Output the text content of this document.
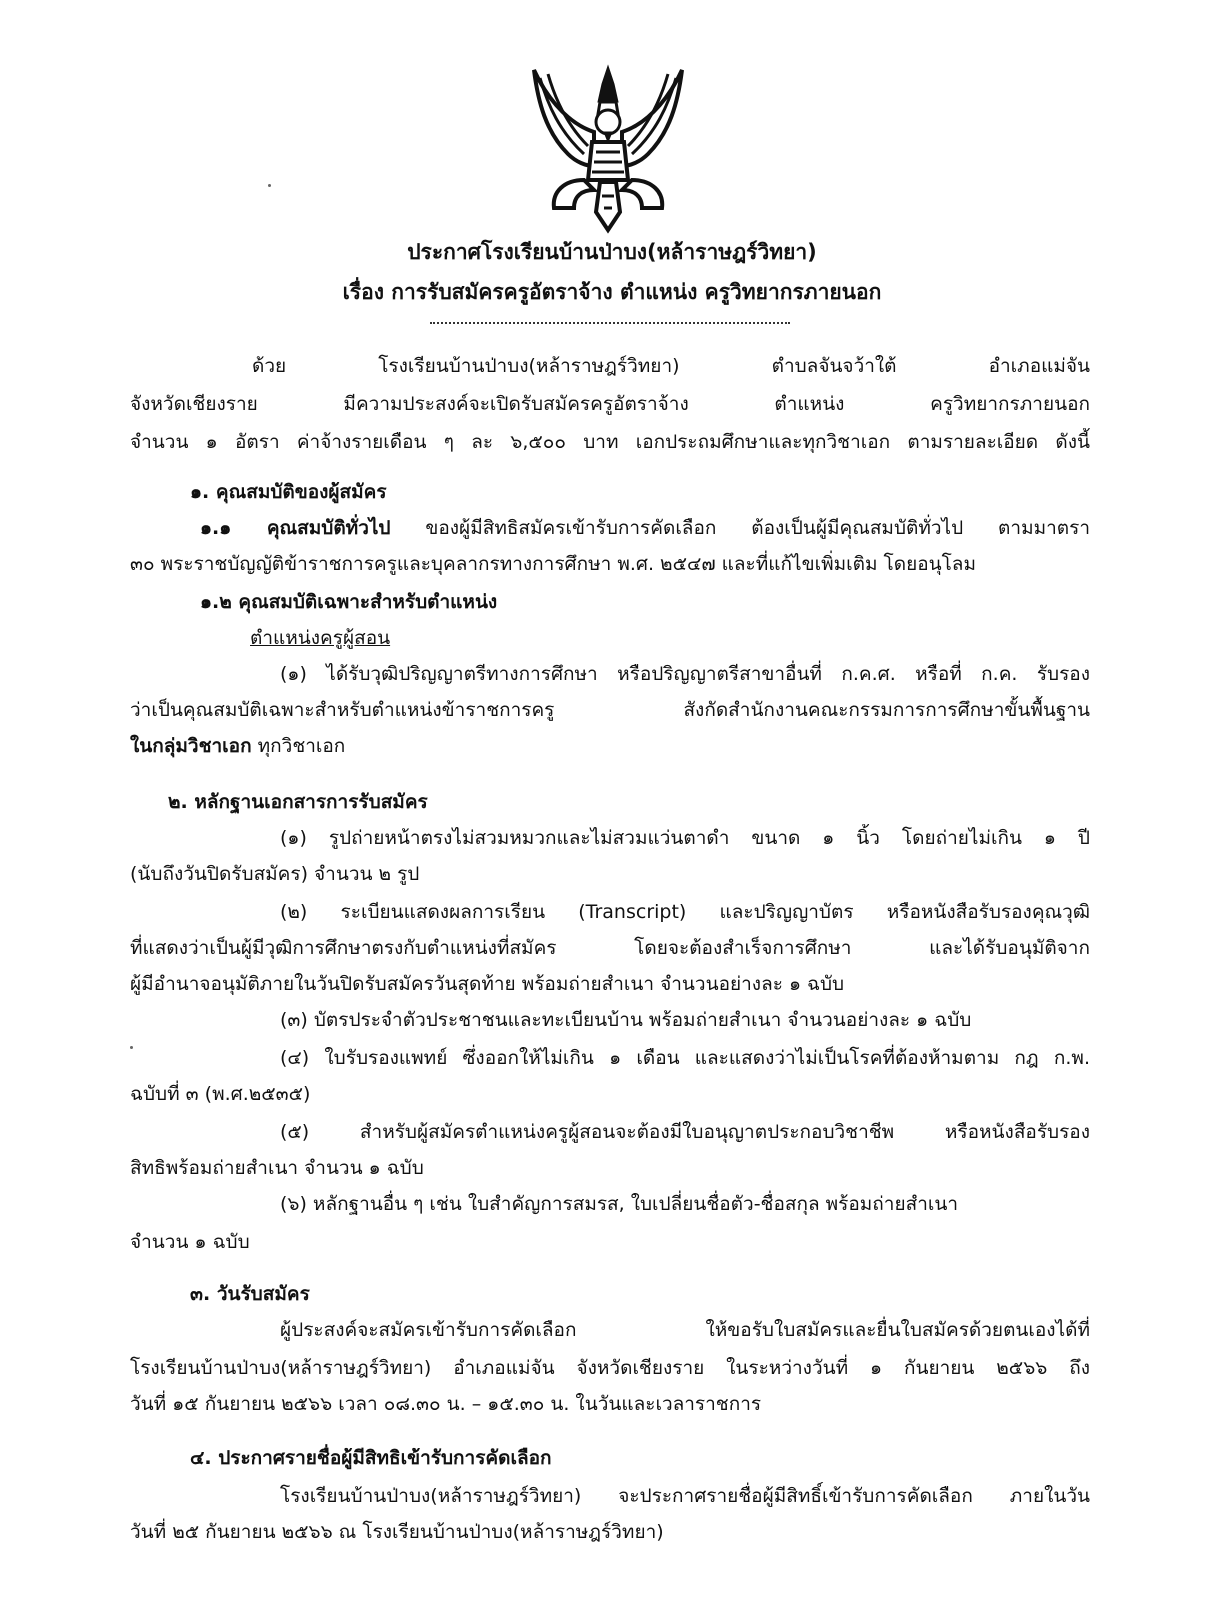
ประกาศโรงเรียนบ้านป่าบง(หล้าราษฎร์วิทยา)
เรื่อง การรับสมัครครูอัตราจ้าง ตำแหน่ง ครูวิทยากรภายนอก
ด้วย โรงเรียนบ้านป่าบง(หล้าราษฎร์วิทยา) ตำบลจันจว้าใต้ อำเภอแม่จัน
จังหวัดเชียงราย มีความประสงค์จะเปิดรับสมัครครูอัตราจ้าง ตำแหน่ง ครูวิทยากรภายนอก
จำนวน ๑ อัตรา ค่าจ้างรายเดือน ๆ ละ ๖,๕๐๐ บาท เอกประถมศึกษาและทุกวิชาเอก ตามรายละเอียด ดังนี้
๑. คุณสมบัติของผู้สมัคร
๑.๑ คุณสมบัติทั่วไป ของผู้มีสิทธิสมัครเข้ารับการคัดเลือก ต้องเป็นผู้มีคุณสมบัติทั่วไป ตามมาตรา
๓๐ พระราชบัญญัติข้าราชการครูและบุคลากรทางการศึกษา พ.ศ. ๒๕๔๗ และที่แก้ไขเพิ่มเติม โดยอนุโลม
๑.๒ คุณสมบัติเฉพาะสำหรับตำแหน่ง
ตำแหน่งครูผู้สอน
(๑) ได้รับวุฒิปริญญาตรีทางการศึกษา หรือปริญญาตรีสาขาอื่นที่ ก.ค.ศ. หรือที่ ก.ค. รับรอง
ว่าเป็นคุณสมบัติเฉพาะสำหรับตำแหน่งข้าราชการครู สังกัดสำนักงานคณะกรรมการการศึกษาขั้นพื้นฐาน
ในกลุ่มวิชาเอก ทุกวิชาเอก
๒. หลักฐานเอกสารการรับสมัคร
(๑) รูปถ่ายหน้าตรงไม่สวมหมวกและไม่สวมแว่นตาดำ ขนาด ๑ นิ้ว โดยถ่ายไม่เกิน ๑ ปี
(นับถึงวันปิดรับสมัคร) จำนวน ๒ รูป
(๒) ระเบียนแสดงผลการเรียน (Transcript) และปริญญาบัตร หรือหนังสือรับรองคุณวุฒิ
ที่แสดงว่าเป็นผู้มีวุฒิการศึกษาตรงกับตำแหน่งที่สมัคร โดยจะต้องสำเร็จการศึกษา และได้รับอนุมัติจาก
ผู้มีอำนาจอนุมัติภายในวันปิดรับสมัครวันสุดท้าย พร้อมถ่ายสำเนา จำนวนอย่างละ ๑ ฉบับ
(๓) บัตรประจำตัวประชาชนและทะเบียนบ้าน พร้อมถ่ายสำเนา จำนวนอย่างละ ๑ ฉบับ
(๔) ใบรับรองแพทย์ ซึ่งออกให้ไม่เกิน ๑ เดือน และแสดงว่าไม่เป็นโรคที่ต้องห้ามตาม กฎ ก.พ.
ฉบับที่ ๓ (พ.ศ.๒๕๓๕)
(๕) สำหรับผู้สมัครตำแหน่งครูผู้สอนจะต้องมีใบอนุญาตประกอบวิชาชีพ หรือหนังสือรับรอง
สิทธิพร้อมถ่ายสำเนา จำนวน ๑ ฉบับ
(๖) หลักฐานอื่น ๆ เช่น ใบสำคัญการสมรส, ใบเปลี่ยนชื่อตัว-ชื่อสกุล พร้อมถ่ายสำเนา
จำนวน ๑ ฉบับ
๓. วันรับสมัคร
ผู้ประสงค์จะสมัครเข้ารับการคัดเลือก ให้ขอรับใบสมัครและยื่นใบสมัครด้วยตนเองได้ที่
โรงเรียนบ้านป่าบง(หล้าราษฎร์วิทยา) อำเภอแม่จัน จังหวัดเชียงราย ในระหว่างวันที่ ๑ กันยายน ๒๕๖๖ ถึง
วันที่ ๑๕ กันยายน ๒๕๖๖ เวลา ๐๘.๓๐ น. – ๑๕.๓๐ น. ในวันและเวลาราชการ
๔. ประกาศรายชื่อผู้มีสิทธิเข้ารับการคัดเลือก
โรงเรียนบ้านป่าบง(หล้าราษฎร์วิทยา) จะประกาศรายชื่อผู้มีสิทธิ์เข้ารับการคัดเลือก ภายในวัน
วันที่ ๒๕ กันยายน ๒๕๖๖ ณ โรงเรียนบ้านป่าบง(หล้าราษฎร์วิทยา)
